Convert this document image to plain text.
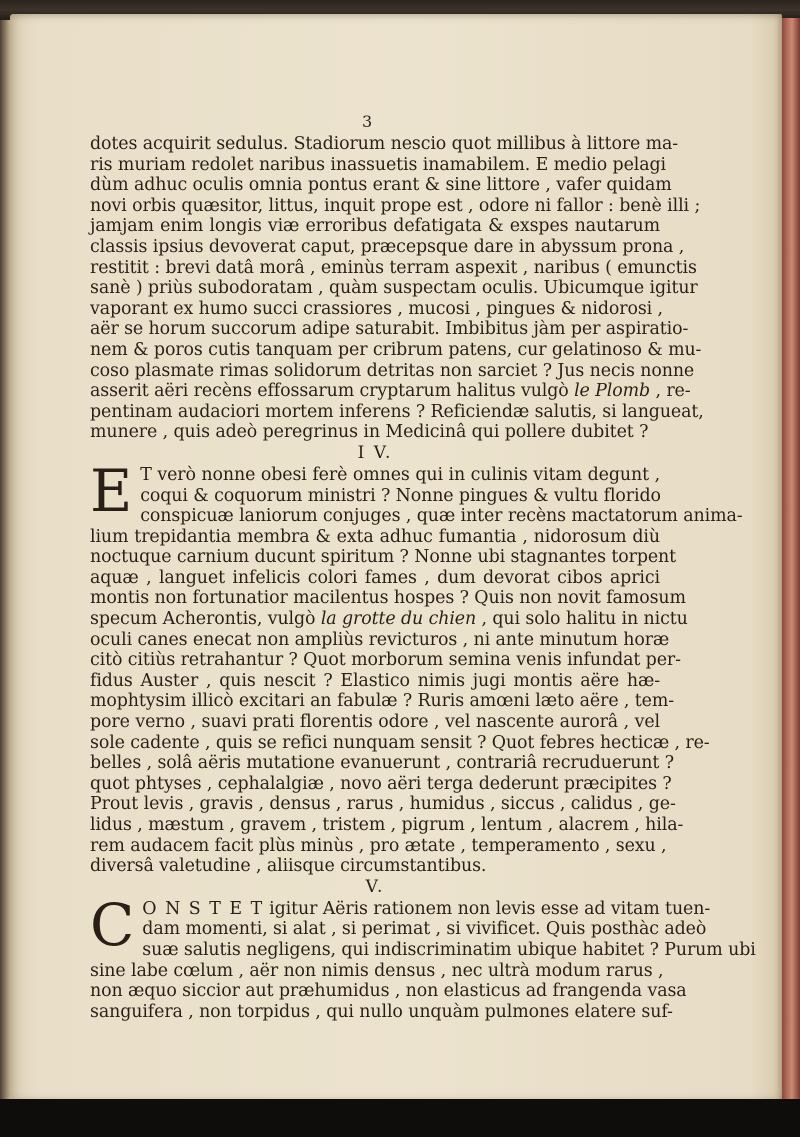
3
dotes acquirit sedulus. Stadiorum nescio quot millibus à littore ma-
ris muriam redolet naribus inassuetis inamabilem. E medio pelagi
dùm adhuc oculis omnia pontus erant & sine littore , vafer quidam
novi orbis quæsitor, littus, inquit prope est , odore ni fallor : benè illi ;
jamjam enim longis viæ erroribus defatigata & exspes nautarum
classis ipsius devoverat caput, præcepsque dare in abyssum prona ,
restitit : brevi datâ morâ , eminùs terram aspexit , naribus ( emunctis
sanè ) priùs subodoratam , quàm suspectam oculis. Ubicumque igitur
vaporant ex humo succi crassiores , mucosi , pingues & nidorosi ,
aër se horum succorum adipe saturabit. Imbibitus jàm per aspiratio-
nem & poros cutis tanquam per cribrum patens, cur gelatinoso & mu-
coso plasmate rimas solidorum detritas non sarciet ? Jus necis nonne
asserit aëri recèns effossarum cryptarum halitus vulgò le Plomb , re-
pentinam audaciori mortem inferens ? Reficiendæ salutis, si langueat,
munere , quis adeò peregrinus in Medicinâ qui pollere dubitet ?
I V.
E T verò nonne obesi ferè omnes qui in culinis vitam degunt ,
coqui & coquorum ministri ? Nonne pingues & vultu florido
conspicuæ laniorum conjuges , quæ inter recèns mactatorum anima-
lium trepidantia membra & exta adhuc fumantia , nidorosum diù
noctuque carnium ducunt spiritum ? Nonne ubi stagnantes torpent
aquæ , languet infelicis colori fames , dum devorat cibos aprici
montis non fortunatior macilentus hospes ? Quis non novit famosum
specum Acherontis, vulgò la grotte du chien , qui solo halitu in nictu
oculi canes enecat non ampliùs revicturos , ni ante minutum horæ
citò citiùs retrahantur ? Quot morborum semina venis infundat per-
fidus Auster , quis nescit ? Elastico nimis jugi montis aëre hæ-
mophtysim illicò excitari an fabulæ ? Ruris amœni læto aëre , tem-
pore verno , suavi prati florentis odore , vel nascente aurorâ , vel
sole cadente , quis se refici nunquam sensit ? Quot febres hecticæ , re-
belles , solâ aëris mutatione evanuerunt , contrariâ recruduerunt ?
quot phtyses , cephalalgiæ , novo aëri terga dederunt præcipites ?
Prout levis , gravis , densus , rarus , humidus , siccus , calidus , ge-
lidus , mæstum , gravem , tristem , pigrum , lentum , alacrem , hila-
rem audacem facit plùs minùs , pro ætate , temperamento , sexu ,
diversâ valetudine , aliisque circumstantibus.
V.
C O N S T E T igitur Aëris rationem non levis esse ad vitam tuen-
dam momenti, si alat , si perimat , si vivificet. Quis posthàc adeò
suæ salutis negligens, qui indiscriminatim ubique habitet ? Purum ubi
sine labe cœlum , aër non nimis densus , nec ultrà modum rarus ,
non æquo siccior aut præhumidus , non elasticus ad frangenda vasa
sanguifera , non torpidus , qui nullo unquàm pulmones elatere suf-
